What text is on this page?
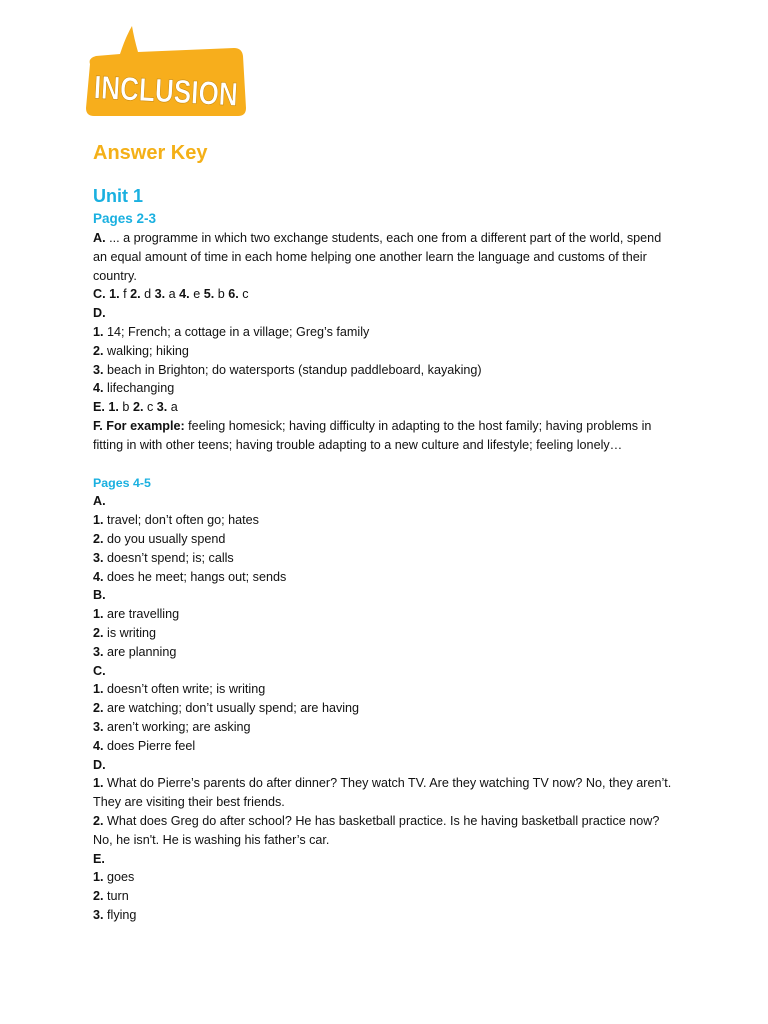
INCLUSION
Answer Key
Unit 1
Pages 2-3

A. ... a programme in which two exchange students, each one from a different part of the world, spend an equal amount of time in each home helping one another learn the language and customs of their country.

C. 1. f 2. d 3. a 4. e 5. b 6. c

D.

1. 14; French; a cottage in a village; Greg’s family

2. walking; hiking

3. beach in Brighton; do watersports (standup paddleboard, kayaking)

4. lifechanging

E. 1. b 2. c 3. a

F. For example: feeling homesick; having difficulty in adapting to the host family; having problems in fitting in with other teens; having trouble adapting to a new culture and lifestyle; feeling lonely…

Pages 4-5

A.

1. travel; don’t often go; hates

2. do you usually spend

3. doesn’t spend; is; calls

4. does he meet; hangs out; sends

B.

1. are travelling

2. is writing

3. are planning

C.

1. doesn’t often write; is writing

2. are watching; don’t usually spend; are having

3. aren’t working; are asking

4. does Pierre feel

D.

1. What do Pierre’s parents do after dinner? They watch TV. Are they watching TV now? No, they aren’t. They are visiting their best friends.

2. What does Greg do after school? He has basketball practice. Is he having basketball practice now? No, he isn't. He is washing his father’s car.

E.

1. goes

2. turn

3. flying
